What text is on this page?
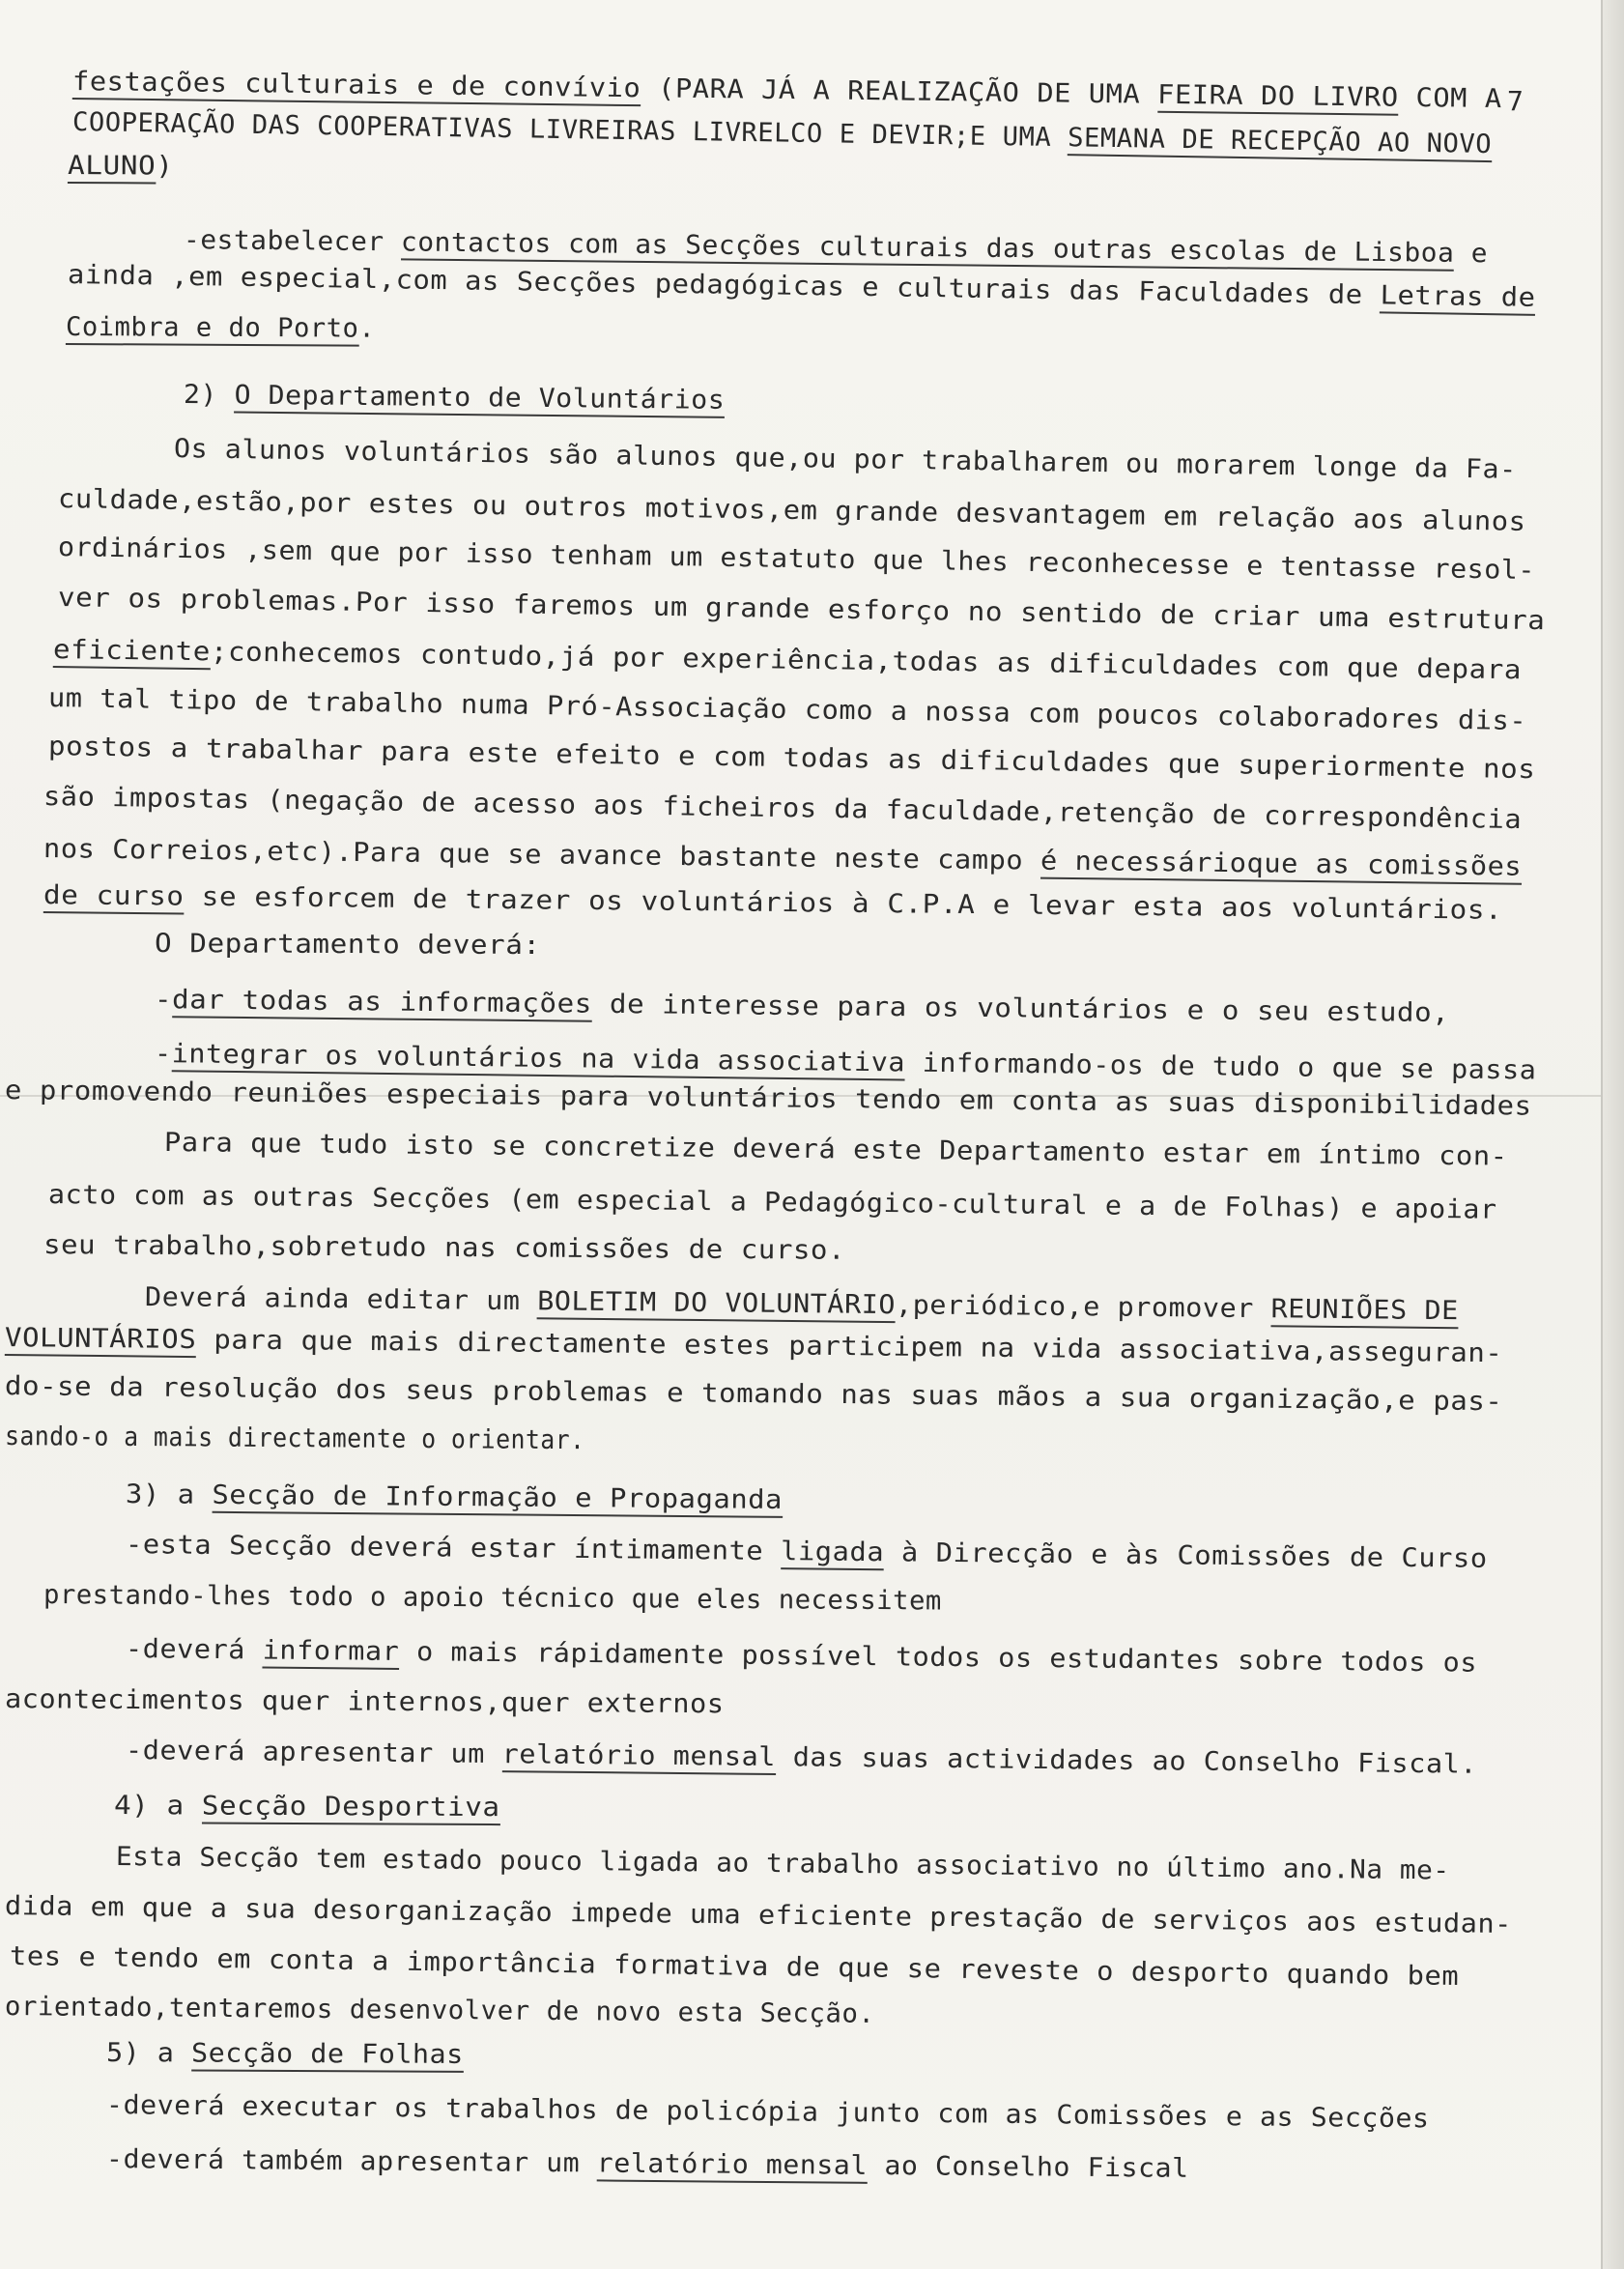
7
festações culturais e de convívio (PARA JÁ A REALIZAÇÃO DE UMA FEIRA DO LIVRO COM A
COOPERAÇÃO DAS COOPERATIVAS LIVREIRAS LIVRELCO E DEVIR;E UMA SEMANA DE RECEPÇÃO AO NOVO
ALUNO)
-estabelecer contactos com as Secções culturais das outras escolas de Lisboa e
ainda ,em especial,com as Secções pedagógicas e culturais das Faculdades de Letras de
Coimbra e do Porto.
2) O Departamento de Voluntários
Os alunos voluntários são alunos que,ou por trabalharem ou morarem longe da Fa-
culdade,estão,por estes ou outros motivos,em grande desvantagem em relação aos alunos
ordinários ,sem que por isso tenham um estatuto que lhes reconhecesse e tentasse resol-
ver os problemas.Por isso faremos um grande esforço no sentido de criar uma estrutura
eficiente;conhecemos contudo,já por experiência,todas as dificuldades com que depara
um tal tipo de trabalho numa Pró-Associação como a nossa com poucos colaboradores dis-
postos a trabalhar para este efeito e com todas as dificuldades que superiormente nos
são impostas (negação de acesso aos ficheiros da faculdade,retenção de correspondência
nos Correios,etc).Para que se avance bastante neste campo é necessárioque as comissões
de curso se esforcem de trazer os voluntários à C.P.A e levar esta aos voluntários.
O Departamento deverá:
-dar todas as informações de interesse para os voluntários e o seu estudo,
-integrar os voluntários na vida associativa informando-os de tudo o que se passa
e promovendo reuniões especiais para voluntários tendo em conta as suas disponibilidades
Para que tudo isto se concretize deverá este Departamento estar em íntimo con-
acto com as outras Secções (em especial a Pedagógico-cultural e a de Folhas) e apoiar
seu trabalho,sobretudo nas comissões de curso.
Deverá ainda editar um BOLETIM DO VOLUNTÁRIO,periódico,e promover REUNIÕES DE
VOLUNTÁRIOS para que mais directamente estes participem na vida associativa,asseguran-
do-se da resolução dos seus problemas e tomando nas suas mãos a sua organização,e pas-
sando-o a mais directamente o orientar.
3) a Secção de Informação e Propaganda
-esta Secção deverá estar íntimamente ligada à Direcção e às Comissões de Curso
prestando-lhes todo o apoio técnico que eles necessitem
-deverá informar o mais rápidamente possível todos os estudantes sobre todos os
acontecimentos quer internos,quer externos
-deverá apresentar um relatório mensal das suas actividades ao Conselho Fiscal.
4) a Secção Desportiva
Esta Secção tem estado pouco ligada ao trabalho associativo no último ano.Na me-
dida em que a sua desorganização impede uma eficiente prestação de serviços aos estudan-
tes e tendo em conta a importância formativa de que se reveste o desporto quando bem
orientado,tentaremos desenvolver de novo esta Secção.
5) a Secção de Folhas
-deverá executar os trabalhos de policópia junto com as Comissões e as Secções
-deverá também apresentar um relatório mensal ao Conselho Fiscal
